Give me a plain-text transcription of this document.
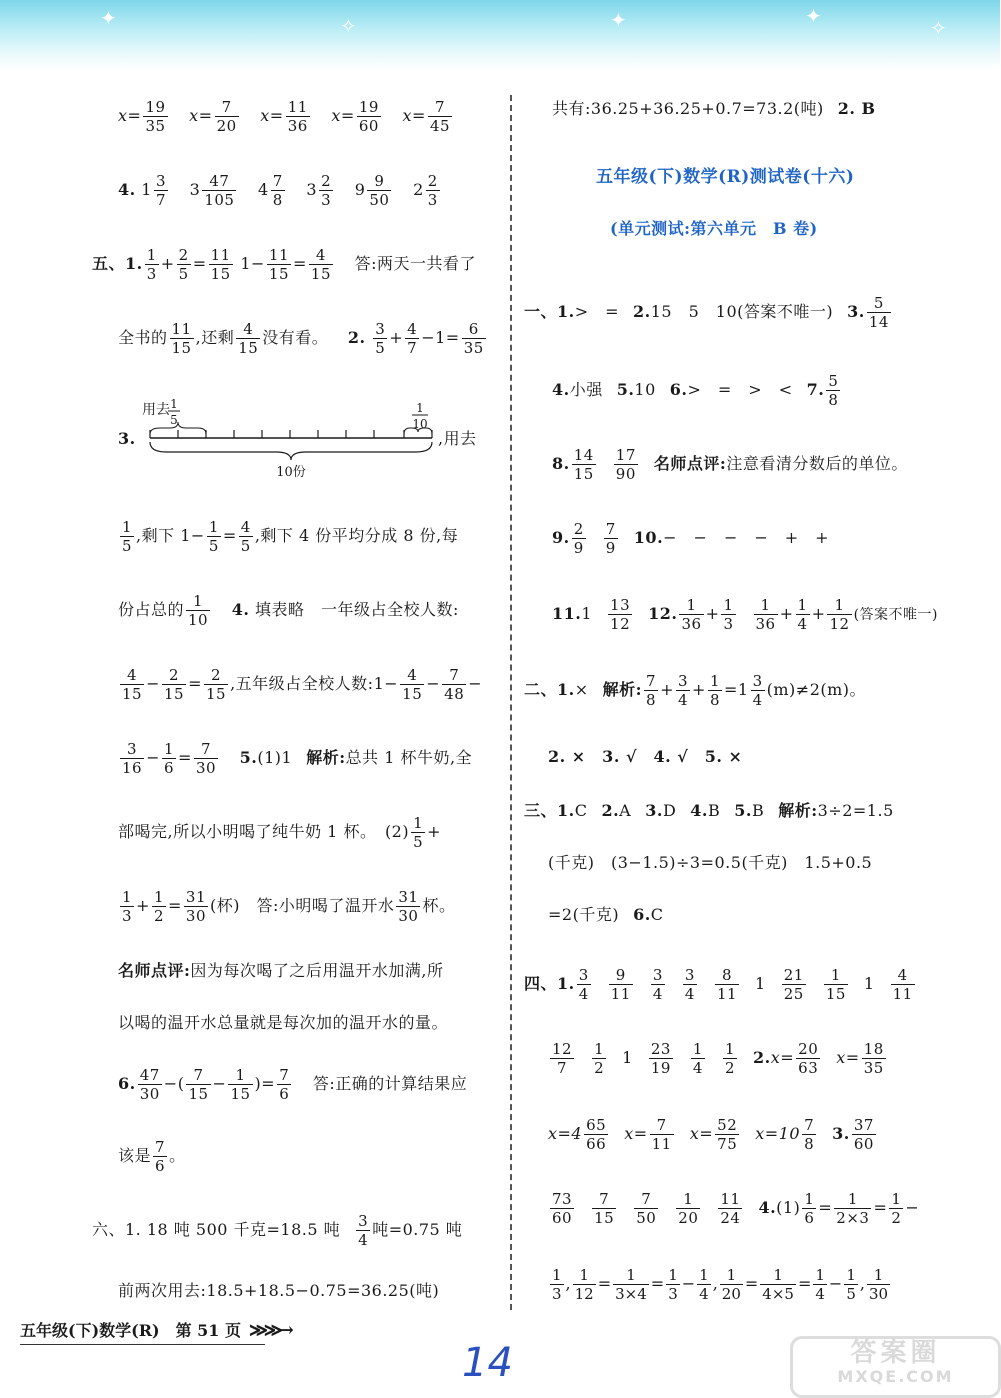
✦	✧	✦	✦	✧
$x= \frac{19}{35} x= \frac{7}{20} x= \frac{11}{36} x= \frac{19}{60} x= \frac{7}{45}$
4. $1 \frac{3}{7} 3 \frac{47}{105} 4 \frac{7}{8} 3 \frac{2}{3} 9 \frac{9}{50} 2 \frac{2}{3}$
五、1. $\frac{1}{3} + \frac{2}{5} = \frac{11}{15} 1- \frac{11}{15} = \frac{4}{15}$ 答:两天一共看了
全书的 $\frac{11}{15}$ ,还剩 $\frac{4}{15}$ 没有看。 2. $\frac{3}{5} + \frac{4}{7} -1= \frac{6}{35}$
3.
用去 1
5
1
10
10份
,用去
$\frac{1}{5}$ ,剩下 $1- \frac{1}{5} = \frac{4}{5}$ ,剩下 4 份平均分成 8 份,每
份占总的 $\frac{1}{10} 4$. 填表略　一年级占全校人数:
$\frac{4}{15} - \frac{2}{15} = \frac{2}{15}$ ,五年级占全校人数:1− $\frac{4}{15} - \frac{7}{48}$ −
$\frac{3}{16} - \frac{1}{6} = \frac{7}{30} 5.(1)1$ 解析:总共 1 杯牛奶,全
部喝完,所以小明喝了纯牛奶 1 杯。　$(2) \frac{1}{5}$ +
$\frac{1}{3} + \frac{1}{2} = \frac{31}{30}$ (杯)　答:小明喝了温开水 $\frac{31}{30}$ 杯。
名师点评:因为每次喝了之后用温开水加满,所
以喝的温开水总量就是每次加的温开水的量。
6. $\frac{47}{30}$ −( $\frac{7}{15} - \frac{1}{15}$ )= $\frac{7}{6}$ 答:正确的计算结果应
该是 $\frac{7}{6}$ 。
六、1. 18 吨 500 千克=18.5 吨 $\frac{3}{4}$ 吨=0.75 吨
前两次用去:18.5+18.5−0.75=36.25(吨)
共有:36.25+36.25+0.7=73.2(吨) 2. B
五年级(下)数学(R)测试卷(十六)
(单元测试:第六单元　B 卷)
一、1.>　= 2.15　5　10(答案不唯一) 3. $\frac{5}{14}$
4.小强 5.10 6.>　=　>　< 7. $\frac{5}{8}$
8. $\frac{14}{15} \frac{17}{90}$ 名师点评:注意看清分数后的单位。
9. $\frac{2}{9} \frac{7}{9} 10.-$　−　−　−　+　+
$11.1 \frac{13}{12} 12$. $\frac{1}{36} + \frac{1}{3} \frac{1}{36} + \frac{1}{4} + \frac{1}{12}$ (答案不唯一)
二、1.× 解析: $\frac{7}{8} + \frac{3}{4} + \frac{1}{8} =1 \frac{3}{4} (m)\ne 2(m)$。
2. ×　3. √　4. √　5. ×
三、1.C 2.A 3.D 4.B 5.B 解析:3÷2=1.5
(千克)　(3−1.5)÷3=0.5(千克)　1.5+0.5
=2(千克) 6.C
四、1. $\frac{3}{4} \frac{9}{11} \frac{3}{4} \frac{3}{4} \frac{8}{11} 1 \frac{21}{25} \frac{1}{15} 1 \frac{4}{11}$
$\frac{12}{7} \frac{1}{2} 1 \frac{23}{19} \frac{1}{4} \frac{1}{2} 2.x= \frac{20}{63} x= \frac{18}{35}$
$x=4 \frac{65}{66} x= \frac{7}{11} x= \frac{52}{75} x=10 \frac{7}{8} 3$. $\frac{37}{60}$
$\frac{73}{60} \frac{7}{15} \frac{7}{50} \frac{1}{20} \frac{11}{24} 4.(1) \frac{1}{6} = \frac{1}{2\times 3} = \frac{1}{2}$ −
$\frac{1}{3}$ , $\frac{1}{12} = \frac{1}{3\times 4} = \frac{1}{3} - \frac{1}{4}$ , $\frac{1}{20} = \frac{1}{4\times 5} = \frac{1}{4} - \frac{1}{5}$ , $\frac{1}{30}$
五年级(下)数学(R)　第 51 页 ≫≫→
14	答案圈
MXQE.COM
